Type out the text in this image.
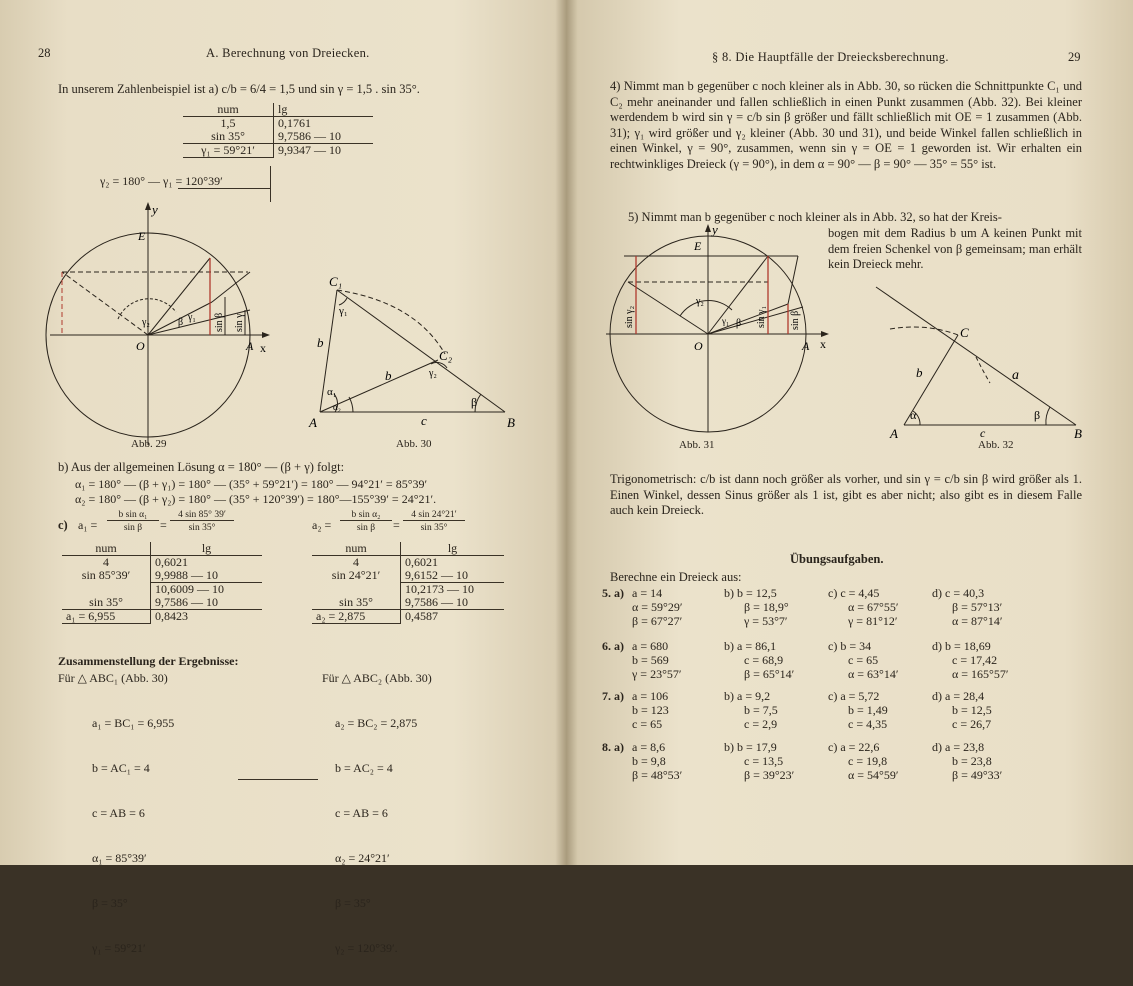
28	A. Berechnung von Dreiecken.
In unserem Zahlenbeispiel ist a) c/b = 6/4 = 1,5 und sin γ = 1,5 . sin 35°.
num	lg
1,5	0,1761
sin 35°	9,7586 — 10
γ₁ = 59°21′	9,9347 — 10
γ₂ = 180° — γ₁ = 120°39′
y
x
E
O	A
γ₂	β γ₁ sin β sin γ
Abb. 29
C₁
C₂
A	B
b
b
c
γ₁
γ₂
α₁
α₂	β
Abb. 30
b) Aus der allgemeinen Lösung α = 180° — (β + γ) folgt:
α₁ = 180° — (β + γ₁) = 180° — (35° + 59°21′) = 180° — 94°21′ = 85°39′
α₂ = 180° — (β + γ₂) = 180° — (35° + 120°39′) = 180°—155°39′ = 24°21′.
c) a₁ =
b sin α₁
sin β	=
4 sin 85° 39′
sin 35°	a₂ =
b sin α₂
sin β	=
4 sin 24°21′
sin 35°
num	lg
4	0,6021
sin 85°39′	9,9988 — 10
	10,6009 — 10
sin 35°	9,7586 — 10
a₁ = 6,955	0,8423
num	lg
4	0,6021
sin 24°21′	9,6152 — 10
	10,2173 — 10
sin 35°	9,7586 — 10
a₂ = 2,875	0,4587
Zusammenstellung der Ergebnisse:
Für △ ABC₁ (Abb. 30)	Für △ ABC₂ (Abb. 30)

a₁ = BC₁ = 6,955

b = AC₁ = 4

c = AB = 6

α₁ = 85°39′

β = 35°

γ₁ = 59°21′

a₂ = BC₂ = 2,875

b = AC₂ = 4

c = AB = 6

α₂ = 24°21′

β = 35°

γ₂ = 120°39′.

§ 8. Die Hauptfälle der Dreiecksberechnung.	29
4) Nimmt man b gegenüber c noch kleiner als in Abb. 30, so rücken die Schnittpunkte C₁ und C₂ mehr aneinander und fallen schließlich in einen Punkt zusammen (Abb. 32). Bei kleiner werdendem b wird sin γ = c/b sin β größer und fällt schließlich mit OE = 1 zusammen (Abb. 31); γ₁ wird größer und γ₂ kleiner (Abb. 30 und 31), und beide Winkel fallen schließlich in einen Winkel, γ = 90°, zusammen, wenn sin γ = OE = 1 geworden ist. Wir erhalten ein rechtwinkliges Dreieck (γ = 90°), in dem α = 90° — β = 90° — 35° = 55° ist.
5) Nimmt man b gegenüber c noch kleiner als in Abb. 32, so hat der Kreis-
bogen mit dem Radius b um A keinen Punkt mit dem freien Schenkel von β gemeinsam; man erhält kein Dreieck mehr.
y
x
E
O	A
γ₂
β
γ₁
sin γ₂	sin γ₁ sin β
Abb. 31
C
A	B
b	a
c
α	β
Abb. 32
Trigonometrisch: c/b ist dann noch größer als vorher, und sin γ = c/b sin β wird größer als 1. Einen Winkel, dessen Sinus größer als 1 ist, gibt es aber nicht; also gibt es in diesem Falle auch kein Dreieck.
Übungsaufgaben.
Berechne ein Dreieck aus:
5. a) a = 14
α = 59°29′
β = 67°27′
b) b = 12,5
β = 18,9°
γ = 53°7′
c) c = 4,45
α = 67°55′
γ = 81°12′
d) c = 40,3
β = 57°13′
α = 87°14′
6. a) a = 680
b = 569
γ = 23°57′
b) a = 86,1
c = 68,9
β = 65°14′
c) b = 34
c = 65
α = 63°14′
d) b = 18,69
c = 17,42
α = 165°57′
7. a) a = 106
b = 123
c = 65
b) a = 9,2
b = 7,5
c = 2,9
c) a = 5,72
b = 1,49
c = 4,35
d) a = 28,4
b = 12,5
c = 26,7
8. a) a = 8,6
b = 9,8
β = 48°53′
b) b = 17,9
c = 13,5
β = 39°23′
c) a = 22,6
c = 19,8
α = 54°59′
d) a = 23,8
b = 23,8
β = 49°33′
